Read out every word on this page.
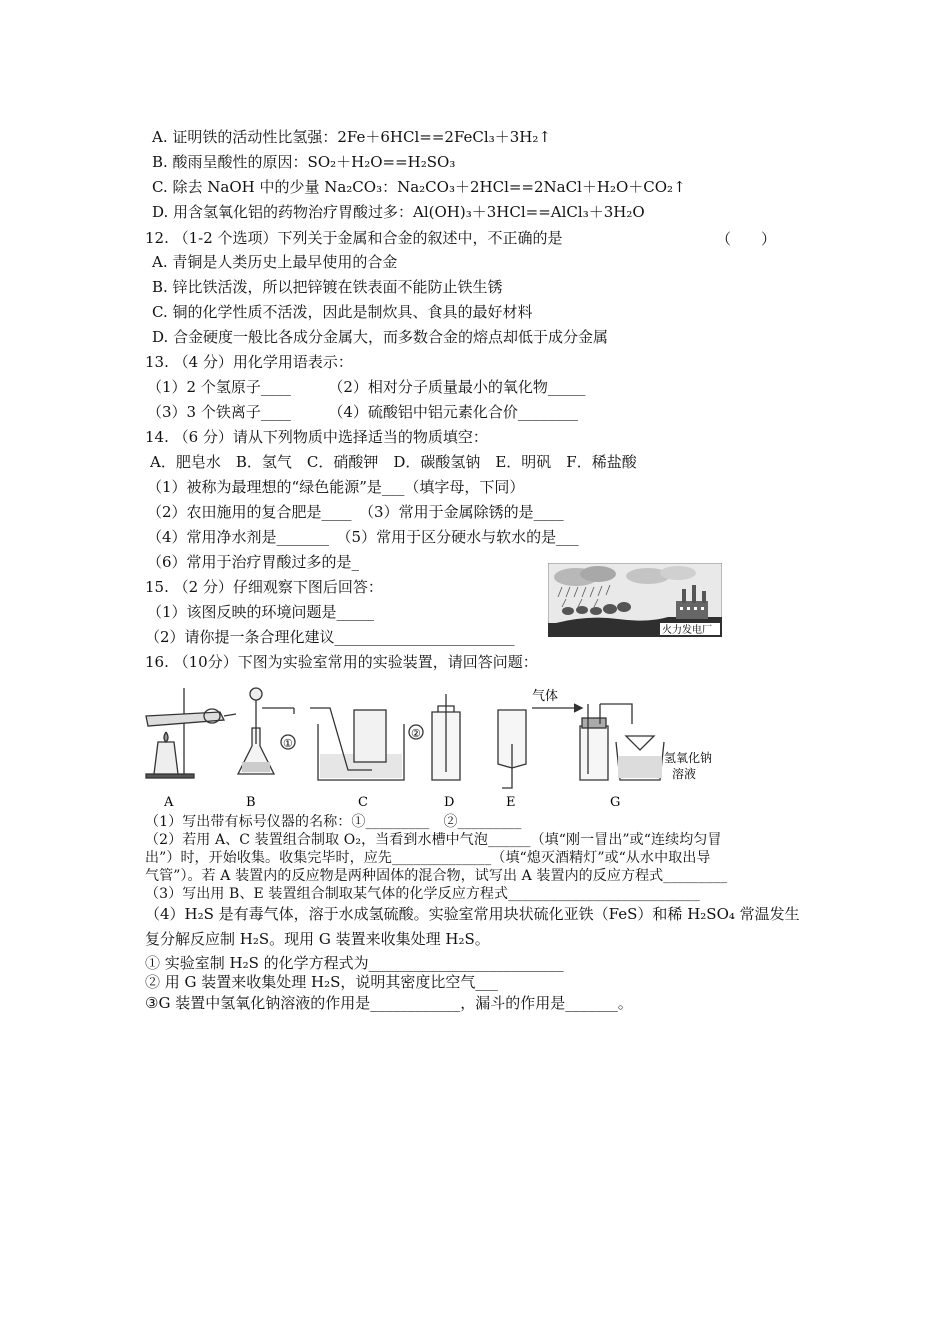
A. 证明铁的活动性比氢强：2Fe＋6HCl==2FeCl₃＋3H₂↑
B. 酸雨呈酸性的原因：SO₂＋H₂O==H₂SO₃
C. 除去 NaOH 中的少量 Na₂CO₃：Na₂CO₃＋2HCl==2NaCl＋H₂O＋CO₂↑
D. 用含氢氧化铝的药物治疗胃酸过多：Al(OH)₃＋3HCl==AlCl₃＋3H₂O
12. （1-2 个选项）下列关于金属和合金的叙述中，不正确的是	（　　）
A. 青铜是人类历史上最早使用的合金
B. 锌比铁活泼，所以把锌镀在铁表面不能防止铁生锈
C. 铜的化学性质不活泼，因此是制炊具、食具的最好材料
D. 合金硬度一般比各成分金属大，而多数合金的熔点却低于成分金属
13. （4 分）用化学用语表示：
（1）2 个氢原子____　　　（2）相对分子质量最小的氧化物_____
（3）3 个铁离子____　　　（4）硫酸铝中铝元素化合价________
14. （6 分）请从下列物质中选择适当的物质填空：
A．肥皂水　B．氢气　C．硝酸钾　D．碳酸氢钠　E．明矾　F．稀盐酸
（1）被称为最理想的“绿色能源”是___（填字母，下同）
（2）农田施用的复合肥是____　（3）常用于金属除锈的是____
（4）常用净水剂是_______　（5）常用于区分硬水与软水的是___
（6）常用于治疗胃酸过多的是_
15. （2 分）仔细观察下图后回答：
（1）该图反映的环境问题是_____
（2）请你提一条合理化建议________________________	火力发电厂
16. （10分）下图为实验室常用的实验装置，请回答问题：
①
②
气体
氢氧化钠
溶液
A	B	C	D	E	G
（1）写出带有标号仪器的名称：①_________　②_________
（2）若用 A、C 装置组合制取 O₂，当看到水槽中气泡______（填“刚一冒出”或“连续均匀冒
出”）时，开始收集。收集完毕时，应先______________（填“熄灭酒精灯”或“从水中取出导
气管”）。若 A 装置内的反应物是两种固体的混合物，试写出 A 装置内的反应方程式_________
（3）写出用 B、E 装置组合制取某气体的化学反应方程式___________________________
（4）H₂S 是有毒气体，溶于水成氢硫酸。实验室常用块状硫化亚铁（FeS）和稀 H₂SO₄ 常温发生
复分解反应制 H₂S。现用 G 装置来收集处理 H₂S。
① 实验室制 H₂S 的化学方程式为__________________________
② 用 G 装置来收集处理 H₂S，说明其密度比空气___
③G 装置中氢氧化钠溶液的作用是____________，漏斗的作用是_______。
